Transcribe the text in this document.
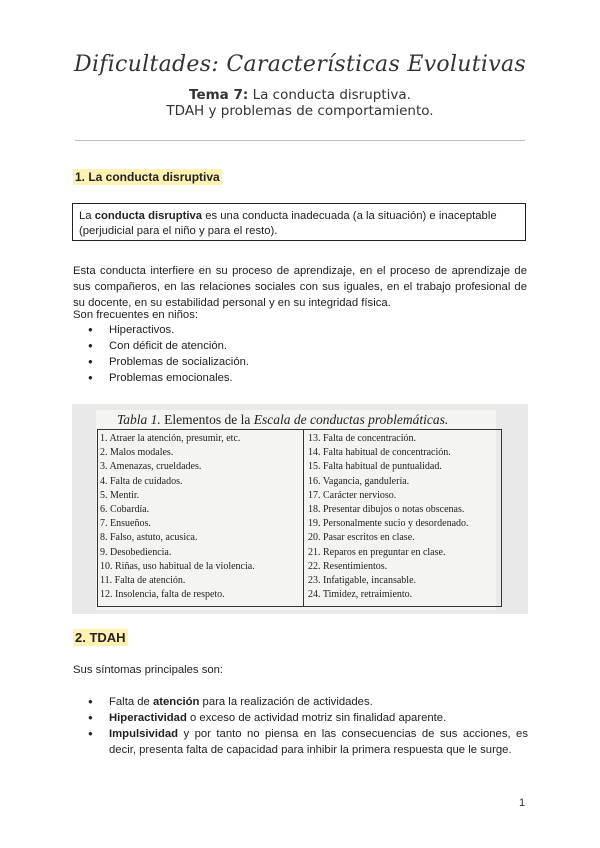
Dificultades: Características Evolutivas
Tema 7: La conducta disruptiva.
TDAH y problemas de comportamiento.
1. La conducta disruptiva
La conducta disruptiva es una conducta inadecuada (a la situación) e inaceptable (perjudicial para el niño y para el resto).
Esta conducta interfiere en su proceso de aprendizaje, en el proceso de aprendizaje de sus compañeros, en las relaciones sociales con sus iguales, en el trabajo profesional de su docente, en su estabilidad personal y en su integridad física.
Son frecuentes en niños:
● Hiperactivos.
● Con déficit de atención.
● Problemas de socialización.
● Problemas emocionales.
Tabla 1. Elementos de la Escala de conductas problemáticas.
1. Atraer la atención, presumir, etc.
2. Malos modales.
3. Amenazas, crueldades.
4. Falta de cuidados.
5. Mentir.
6. Cobardía.
7. Ensueños.
8. Falso, astuto, acusica.
9. Desobediencia.
10. Riñas, uso habitual de la violencia.
11. Falta de atención.
12. Insolencia, falta de respeto.
13. Falta de concentración.
14. Falta habitual de concentración.
15. Falta habitual de puntualidad.
16. Vagancia, gandulería.
17. Carácter nervioso.
18. Presentar dibujos o notas obscenas.
19. Personalmente sucio y desordenado.
20. Pasar escritos en clase.
21. Reparos en preguntar en clase.
22. Resentimientos.
23. Infatigable, incansable.
24. Timidez, retraimiento.
2. TDAH
Sus síntomas principales son:
● Falta de atención para la realización de actividades.
● Hiperactividad o exceso de actividad motriz sin finalidad aparente.
● Impulsividad y por tanto no piensa en las consecuencias de sus acciones, es decir, presenta falta de capacidad para inhibir la primera respuesta que le surge.
1
